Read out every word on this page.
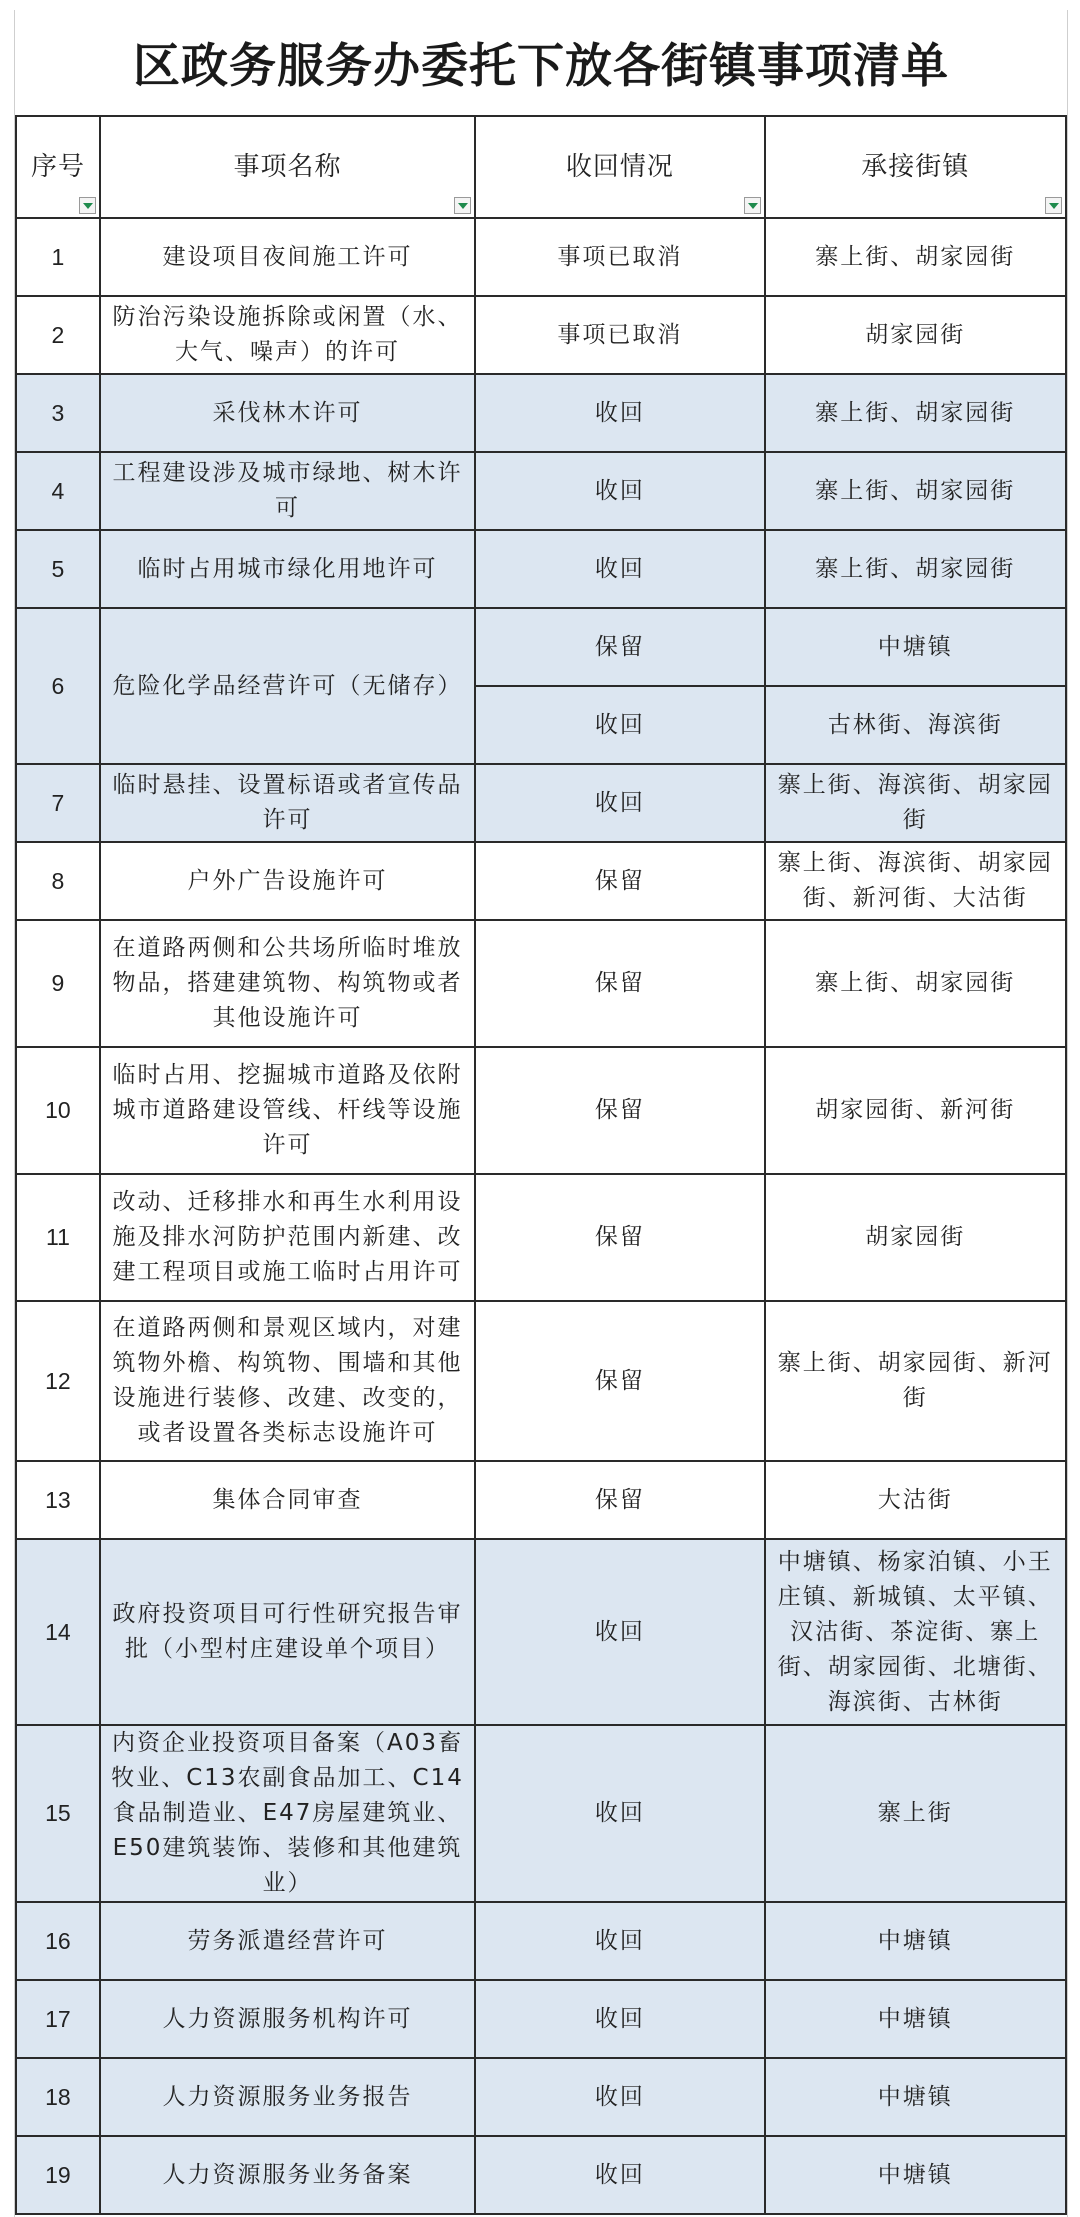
区政务服务办委托下放各街镇事项清单
序号	事项名称	收回情况	承接街镇

1	建设项目夜间施工许可	事项已取消	寨上街、胡家园街
2	防治污染设施拆除或闲置（水、大气、噪声）的许可	事项已取消	胡家园街
3	采伐林木许可	收回	寨上街、胡家园街
4	工程建设涉及城市绿地、树木许可	收回	寨上街、胡家园街
5	临时占用城市绿化用地许可	收回	寨上街、胡家园街
6	危险化学品经营许可（无储存）	保留	中塘镇
		收回	古林街、海滨街
7	临时悬挂、设置标语或者宣传品许可	收回	寨上街、海滨街、胡家园街
8	户外广告设施许可	保留	寨上街、海滨街、胡家园街、新河街、大沽街
9	在道路两侧和公共场所临时堆放物品，搭建建筑物、构筑物或者其他设施许可	保留	寨上街、胡家园街
10	临时占用、挖掘城市道路及依附城市道路建设管线、杆线等设施许可	保留	胡家园街、新河街
11	改动、迁移排水和再生水利用设施及排水河防护范围内新建、改建工程项目或施工临时占用许可	保留	胡家园街
12	在道路两侧和景观区域内，对建筑物外檐、构筑物、围墙和其他设施进行装修、改建、改变的，或者设置各类标志设施许可	保留	寨上街、胡家园街、新河街
13	集体合同审查	保留	大沽街
14	政府投资项目可行性研究报告审批（小型村庄建设单个项目）	收回	中塘镇、杨家泊镇、小王庄镇、新城镇、太平镇、汉沽街、茶淀街、寨上街、胡家园街、北塘街、海滨街、古林街
15	内资企业投资项目备案（A03畜牧业、C13农副食品加工、C14食品制造业、E47房屋建筑业、E50建筑装饰、装修和其他建筑业）	收回	寨上街
16	劳务派遣经营许可	收回	中塘镇
17	人力资源服务机构许可	收回	中塘镇
18	人力资源服务业务报告	收回	中塘镇
19	人力资源服务业务备案	收回	中塘镇
